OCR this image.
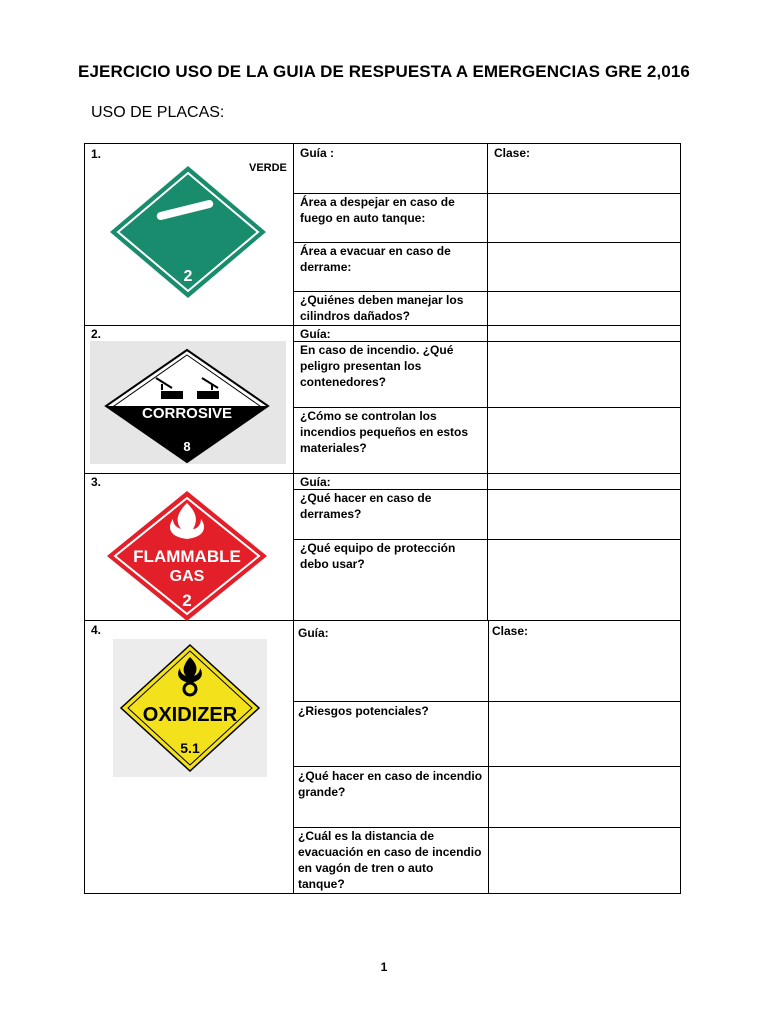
EJERCICIO USO DE LA GUIA DE RESPUESTA A EMERGENCIAS GRE 2,016
USO DE PLACAS:
1.
VERDE
2
Guía :	Clase:
Área a despejar en caso de fuego en auto tanque:
Área a evacuar en caso de derrame:
¿Quiénes deben manejar los cilindros dañados?
2.
CORROSIVE
8
Guía:
En caso de incendio. ¿Qué peligro presentan los contenedores?
¿Cómo se controlan los incendios pequeños en estos materiales?
3.
FLAMMABLE
GAS
2
Guía:
¿Qué hacer en caso de derrames?
¿Qué equipo de protección debo usar?
4.
OXIDIZER
5.1
Guía:	Clase:
¿Riesgos potenciales?
¿Qué hacer en caso de incendio grande?
¿Cuál es la distancia de evacuación en caso de incendio en vagón de tren o auto tanque?
1
